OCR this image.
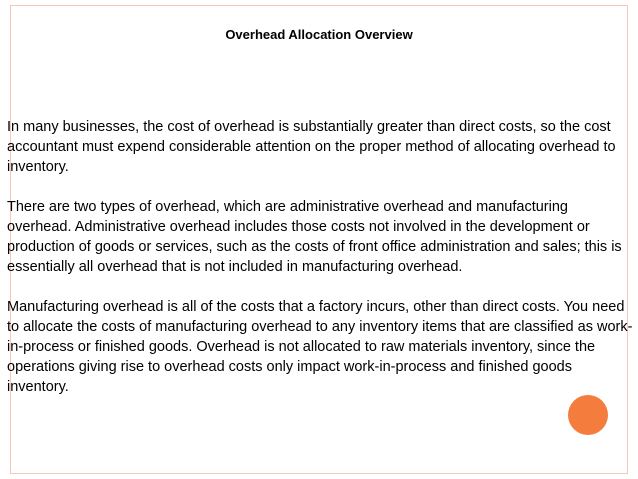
Overhead Allocation Overview

In many businesses, the cost of overhead is substantially greater than direct costs, so the cost accountant must expend considerable attention on the proper method of allocating overhead to inventory.

There are two types of overhead, which are administrative overhead and manufacturing overhead. Administrative overhead includes those costs not involved in the development or production of goods or services, such as the costs of front office administration and sales; this is essentially all overhead that is not included in manufacturing overhead.

Manufacturing overhead is all of the costs that a factory incurs, other than direct costs. You need to allocate the costs of manufacturing overhead to any inventory items that are classified as work-in-process or finished goods. Overhead is not allocated to raw materials inventory, since the operations giving rise to overhead costs only impact work-in-process and finished goods inventory.
